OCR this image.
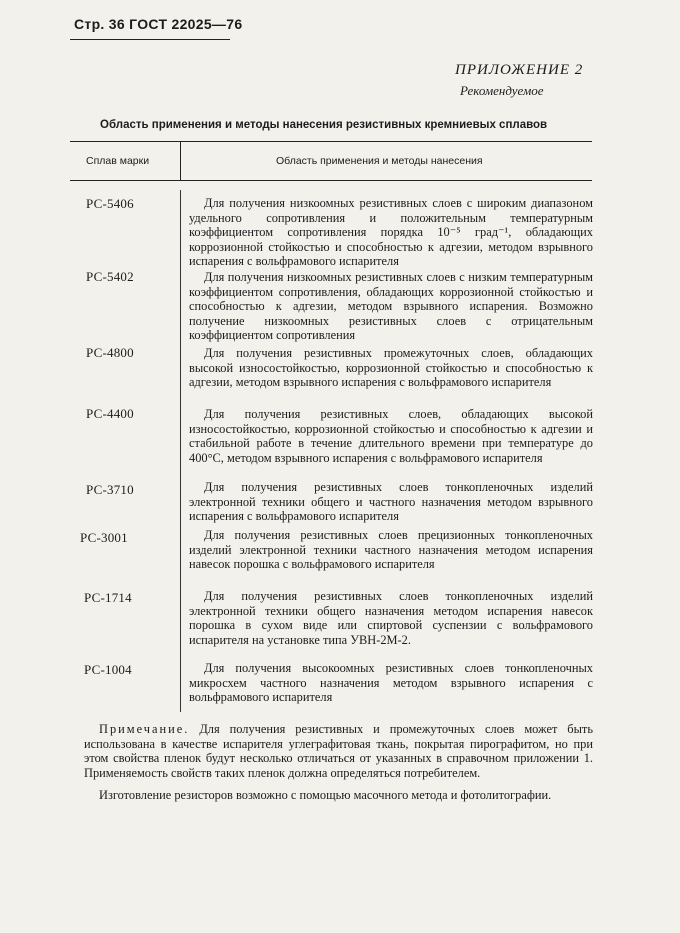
Стр. 36 ГОСТ 22025—76
ПРИЛОЖЕНИЕ 2
Рекомендуемое
Область применения и методы нанесения резистивных кремниевых сплавов
Сплав марки	Область применения и методы нанесения
РС-5406	Для получения низкоомных резистивных слоев с широким диапазоном удельного сопротивления и положительным температурным коэффициентом сопротивления порядка 10⁻⁵ град⁻¹, обладающих коррозионной стойкостью и способностью к адгезии, методом взрывного испарения с вольфрамового испарителя
РС-5402	Для получения низкоомных резистивных слоев с низким температурным коэффициентом сопротивления, обладающих коррозионной стойкостью и способностью к адгезии, методом взрывного испарения. Возможно получение низкоомных резистивных слоев с отрицательным коэффициентом сопротивления
РС-4800	Для получения резистивных промежуточных слоев, обладающих высокой износостойкостью, коррозионной стойкостью и способностью к адгезии, методом взрывного испарения с вольфрамового испарителя
РС-4400	Для получения резистивных слоев, обладающих высокой износостойкостью, коррозионной стойкостью и способностью к адгезии и стабильной работе в течение длительного времени при температуре до 400°С, методом взрывного испарения с вольфрамового испарителя
РС-3710	Для получения резистивных слоев тонкопленочных изделий электронной техники общего и частного назначения методом взрывного испарения с вольфрамового испарителя
РС-3001	Для получения резистивных слоев прецизионных тонкопленочных изделий электронной техники частного назначения методом испарения навесок порошка с вольфрамового испарителя
РС-1714	Для получения резистивных слоев тонкопленочных изделий электронной техники общего назначения методом испарения навесок порошка в сухом виде или спиртовой суспензии с вольфрамового испарителя на установке типа УВН-2М-2.
РС-1004	Для получения высокоомных резистивных слоев тонкопленочных микросхем частного назначения методом взрывного испарения с вольфрамового испарителя
Примечание. Для получения резистивных и промежуточных слоев может быть использована в качестве испарителя углеграфитовая ткань, покрытая пирографитом, но при этом свойства пленок будут несколько отличаться от указанных в справочном приложении 1. Применяемость свойств таких пленок должна определяться потребителем.
Изготовление резисторов возможно с помощью масочного метода и фотолитографии.
